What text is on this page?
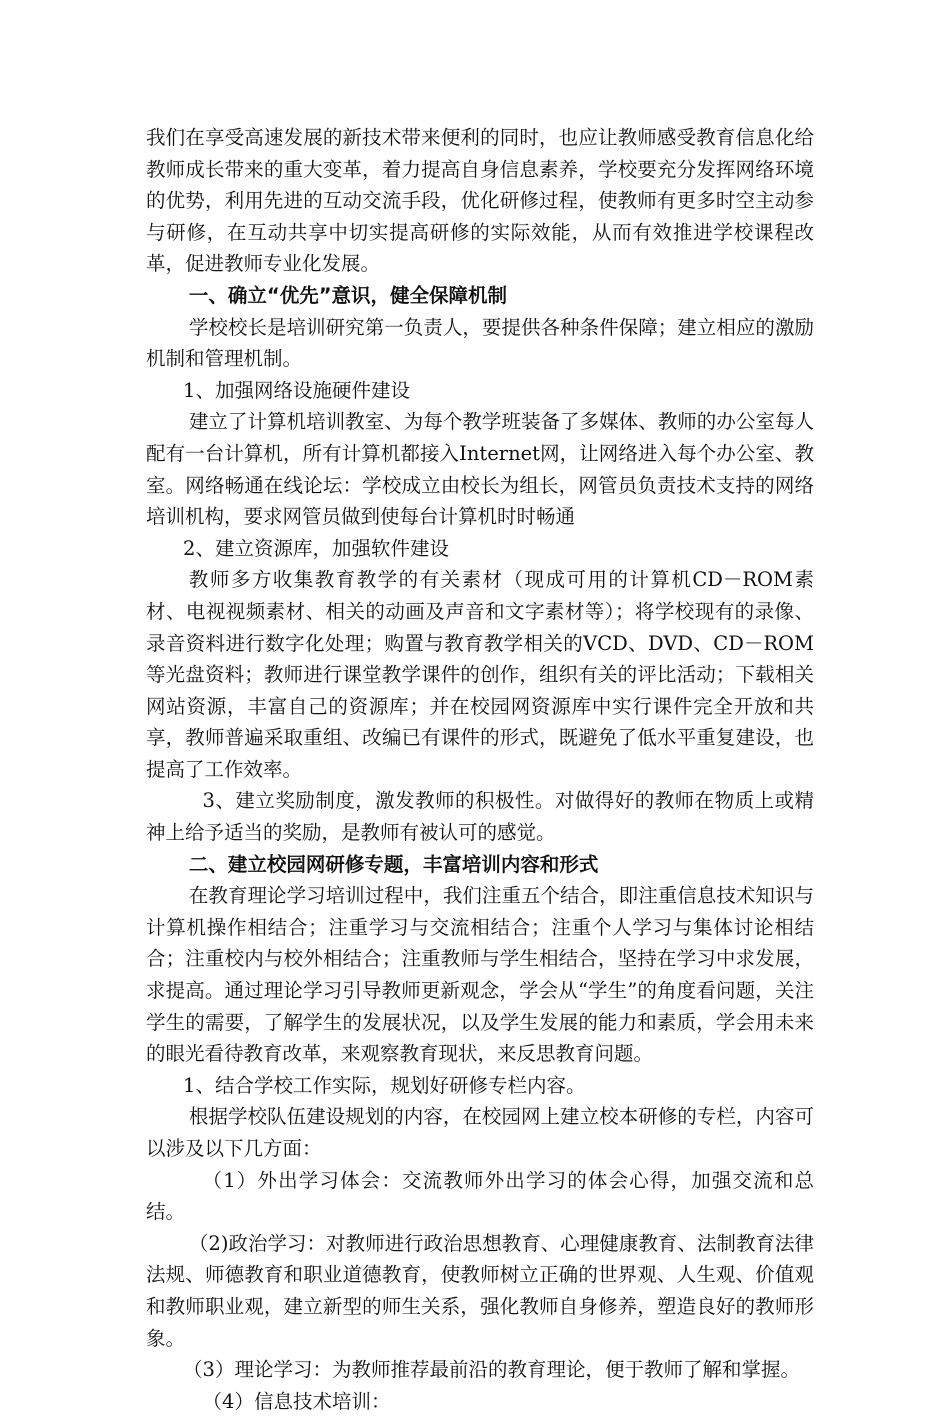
我们在享受高速发展的新技术带来便利的同时，也应让教师感受教育信息化给教师成长带来的重大变革，着力提高自身信息素养，学校要充分发挥网络环境的优势，利用先进的互动交流手段，优化研修过程，使教师有更多时空主动参与研修，在互动共享中切实提高研修的实际效能，从而有效推进学校课程改革，促进教师专业化发展。

一、确立“优先”意识，健全保障机制

学校校长是培训研究第一负责人，要提供各种条件保障；建立相应的激励机制和管理机制。

1、加强网络设施硬件建设

建立了计算机培训教室、为每个教学班装备了多媒体、教师的办公室每人配有一台计算机，所有计算机都接入Internet网，让网络进入每个办公室、教室。网络畅通在线论坛：学校成立由校长为组长，网管员负责技术支持的网络培训机构，要求网管员做到使每台计算机时时畅通

2、建立资源库，加强软件建设

教师多方收集教育教学的有关素材（现成可用的计算机CD－ROM素材、电视视频素材、相关的动画及声音和文字素材等）；将学校现有的录像、录音资料进行数字化处理；购置与教育教学相关的VCD、DVD、CD－ROM等光盘资料；教师进行课堂教学课件的创作，组织有关的评比活动；下载相关网站资源，丰富自己的资源库；并在校园网资源库中实行课件完全开放和共享，教师普遍采取重组、改编已有课件的形式，既避免了低水平重复建设，也提高了工作效率。

3、建立奖励制度，激发教师的积极性。对做得好的教师在物质上或精神上给予适当的奖励，是教师有被认可的感觉。

二、建立校园网研修专题，丰富培训内容和形式

在教育理论学习培训过程中，我们注重五个结合，即注重信息技术知识与计算机操作相结合；注重学习与交流相结合；注重个人学习与集体讨论相结合；注重校内与校外相结合；注重教师与学生相结合，坚持在学习中求发展，求提高。通过理论学习引导教师更新观念，学会从“学生”的角度看问题，关注学生的需要，了解学生的发展状况，以及学生发展的能力和素质，学会用未来的眼光看待教育改革，来观察教育现状，来反思教育问题。

1、结合学校工作实际，规划好研修专栏内容。

根据学校队伍建设规划的内容，在校园网上建立校本研修的专栏，内容可以涉及以下几方面：

（1）外出学习体会：交流教师外出学习的体会心得，加强交流和总结。

（2)政治学习：对教师进行政治思想教育、心理健康教育、法制教育法律法规、师德教育和职业道德教育，使教师树立正确的世界观、人生观、价值观和教师职业观，建立新型的师生关系，强化教师自身修养，塑造良好的教师形象。

（3）理论学习：为教师推荐最前沿的教育理论，便于教师了解和掌握。

（4）信息技术培训：
